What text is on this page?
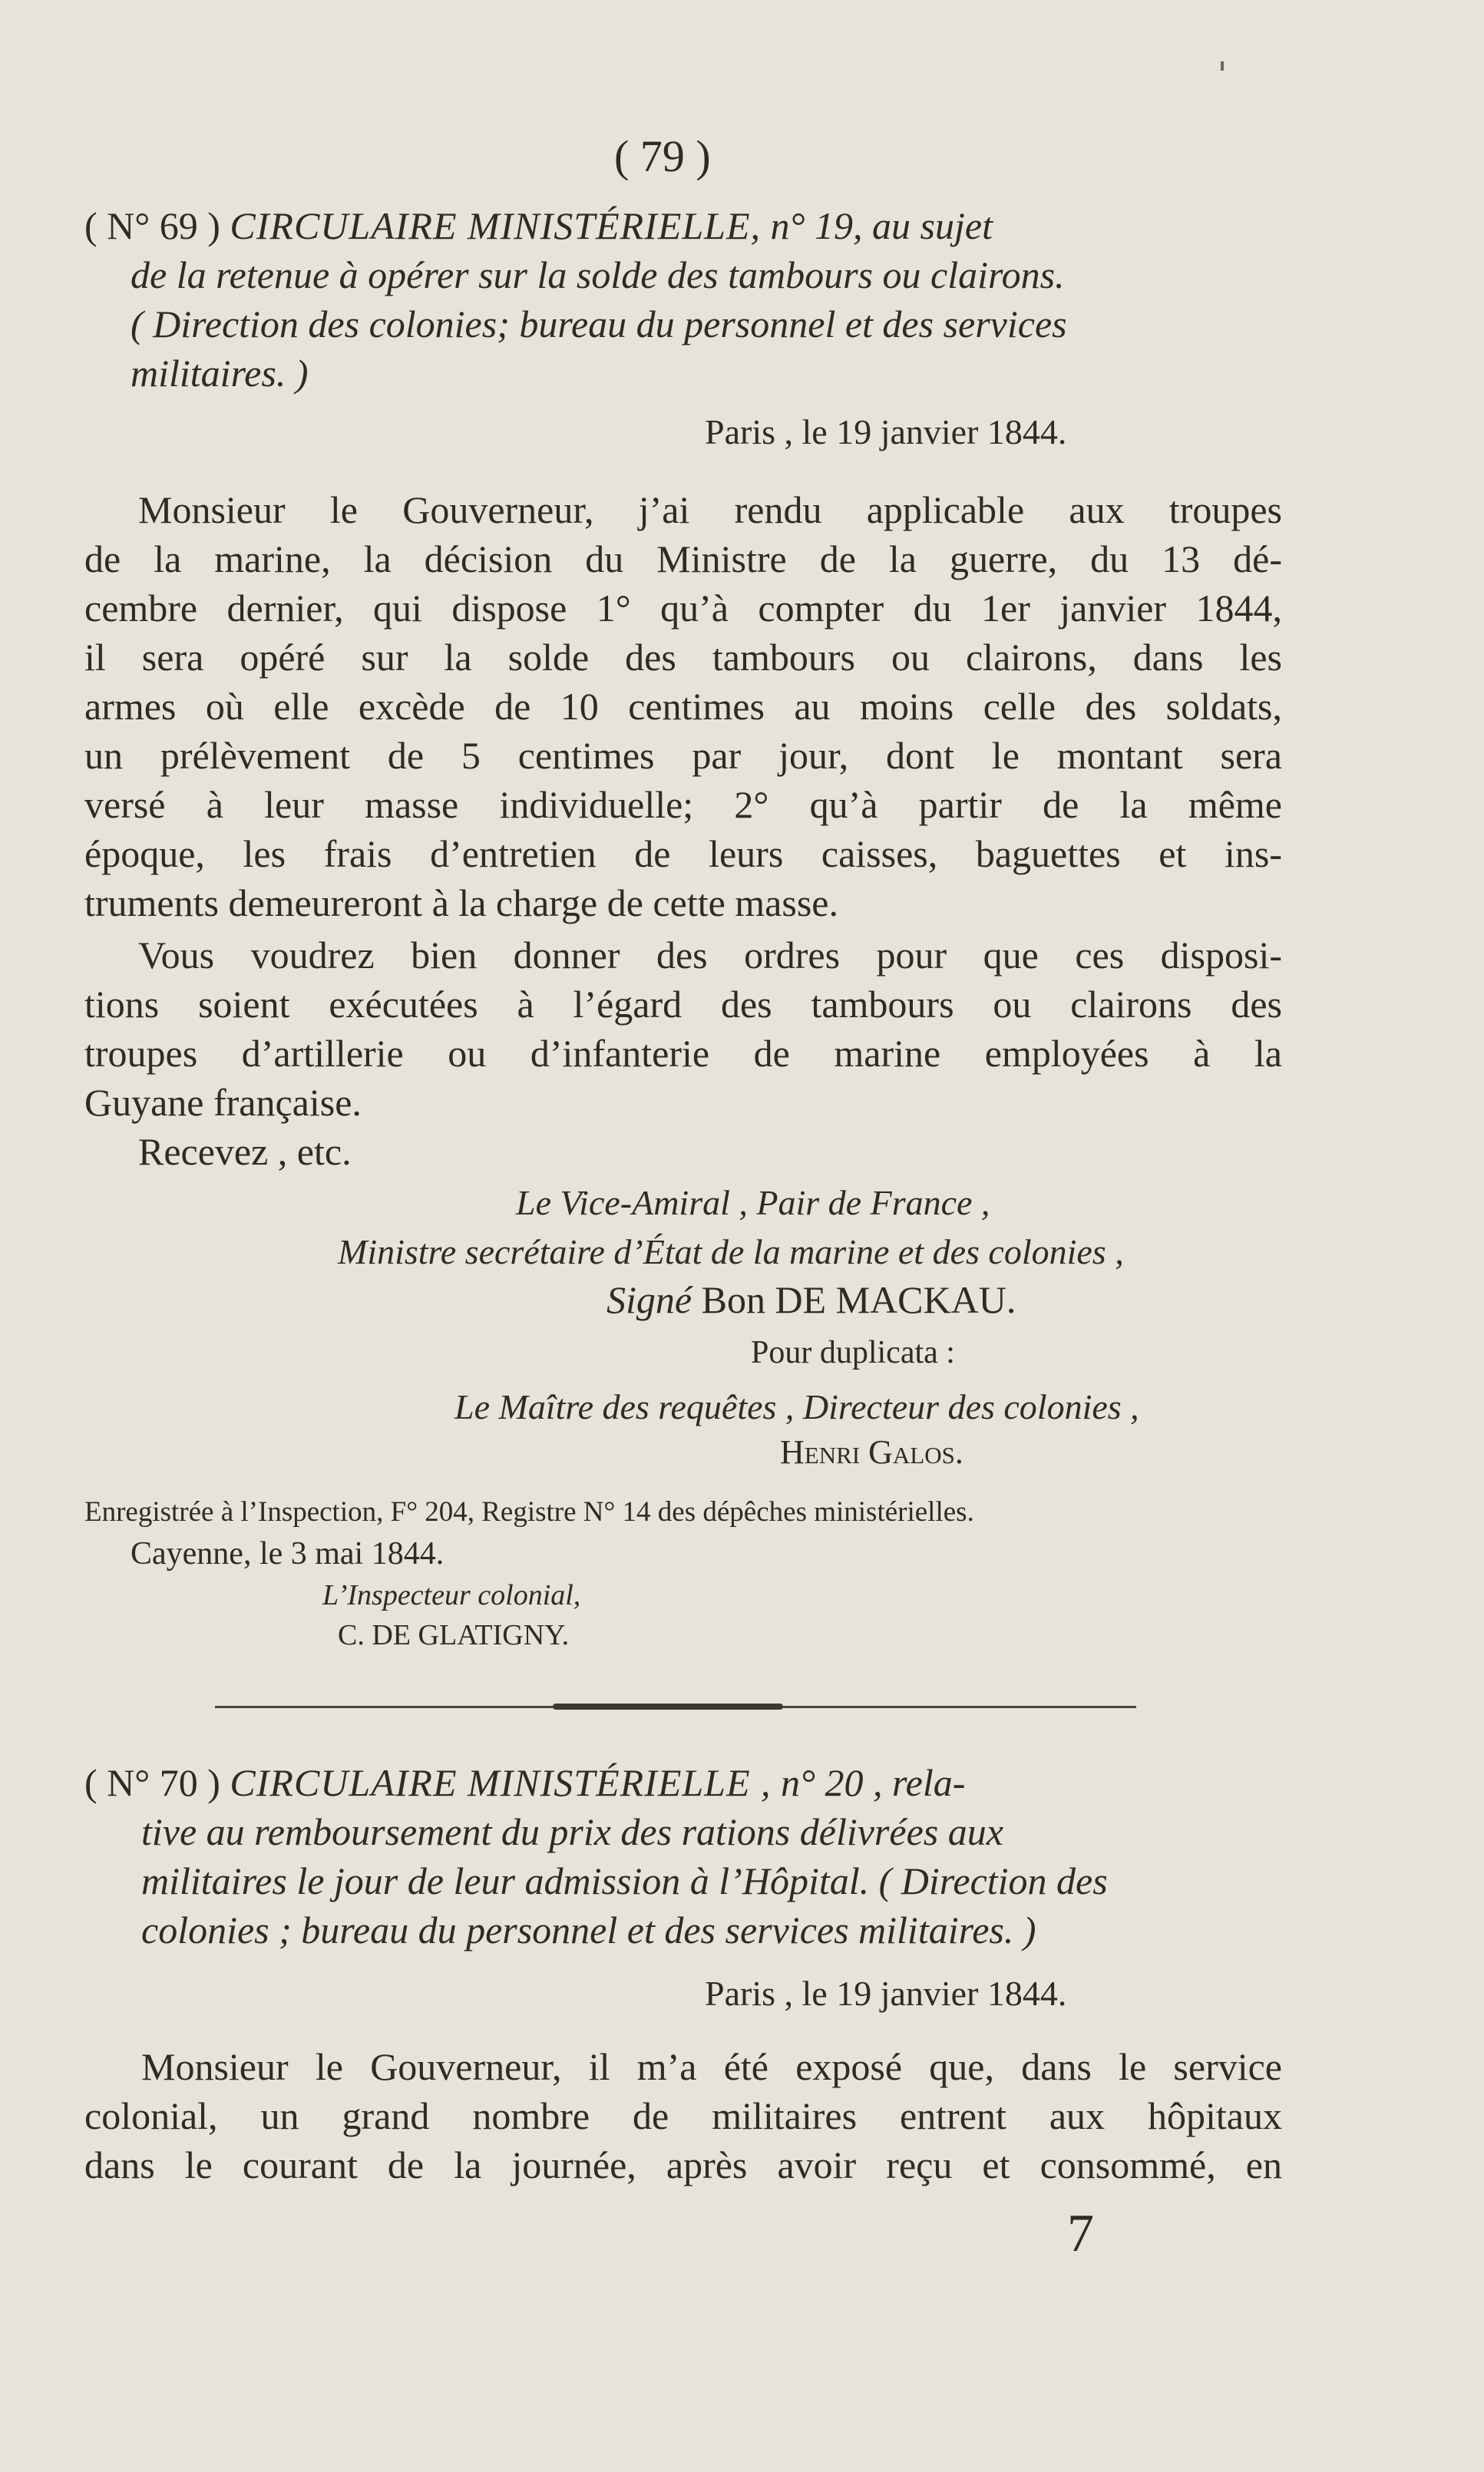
( 79 )
( N° 69 ) CIRCULAIRE MINISTÉRIELLE, n° 19, au sujet
de la retenue à opérer sur la solde des tambours ou clairons.
( Direction des colonies; bureau du personnel et des services
militaires. )
Paris , le 19 janvier 1844.
Monsieur le Gouverneur, j’ai rendu applicable aux troupes
de la marine, la décision du Ministre de la guerre, du 13 dé-
cembre dernier, qui dispose 1° qu’à compter du 1er janvier 1844,
il sera opéré sur la solde des tambours ou clairons, dans les
armes où elle excède de 10 centimes au moins celle des soldats,
un prélèvement de 5 centimes par jour, dont le montant sera
versé à leur masse individuelle; 2° qu’à partir de la même
époque, les frais d’entretien de leurs caisses, baguettes et ins-
truments demeureront à la charge de cette masse.
Vous voudrez bien donner des ordres pour que ces disposi-
tions soient exécutées à l’égard des tambours ou clairons des
troupes d’artillerie ou d’infanterie de marine employées à la
Guyane française.
Recevez , etc.
Le Vice-Amiral , Pair de France ,
Ministre secrétaire d’État de la marine et des colonies ,
Signé Bon DE MACKAU.
Pour duplicata :
Le Maître des requêtes , Directeur des colonies ,
Henri Galos.
Enregistrée à l’Inspection, F° 204, Registre N° 14 des dépêches ministérielles.
Cayenne, le 3 mai 1844.
L’Inspecteur colonial,
C. DE GLATIGNY.
( N° 70 ) CIRCULAIRE MINISTÉRIELLE , n° 20 , rela-
tive au remboursement du prix des rations délivrées aux
militaires le jour de leur admission à l’Hôpital. ( Direction des
colonies ; bureau du personnel et des services militaires. )
Paris , le 19 janvier 1844.
Monsieur le Gouverneur, il m’a été exposé que, dans le service
colonial, un grand nombre de militaires entrent aux hôpitaux
dans le courant de la journée, après avoir reçu et consommé, en
7
